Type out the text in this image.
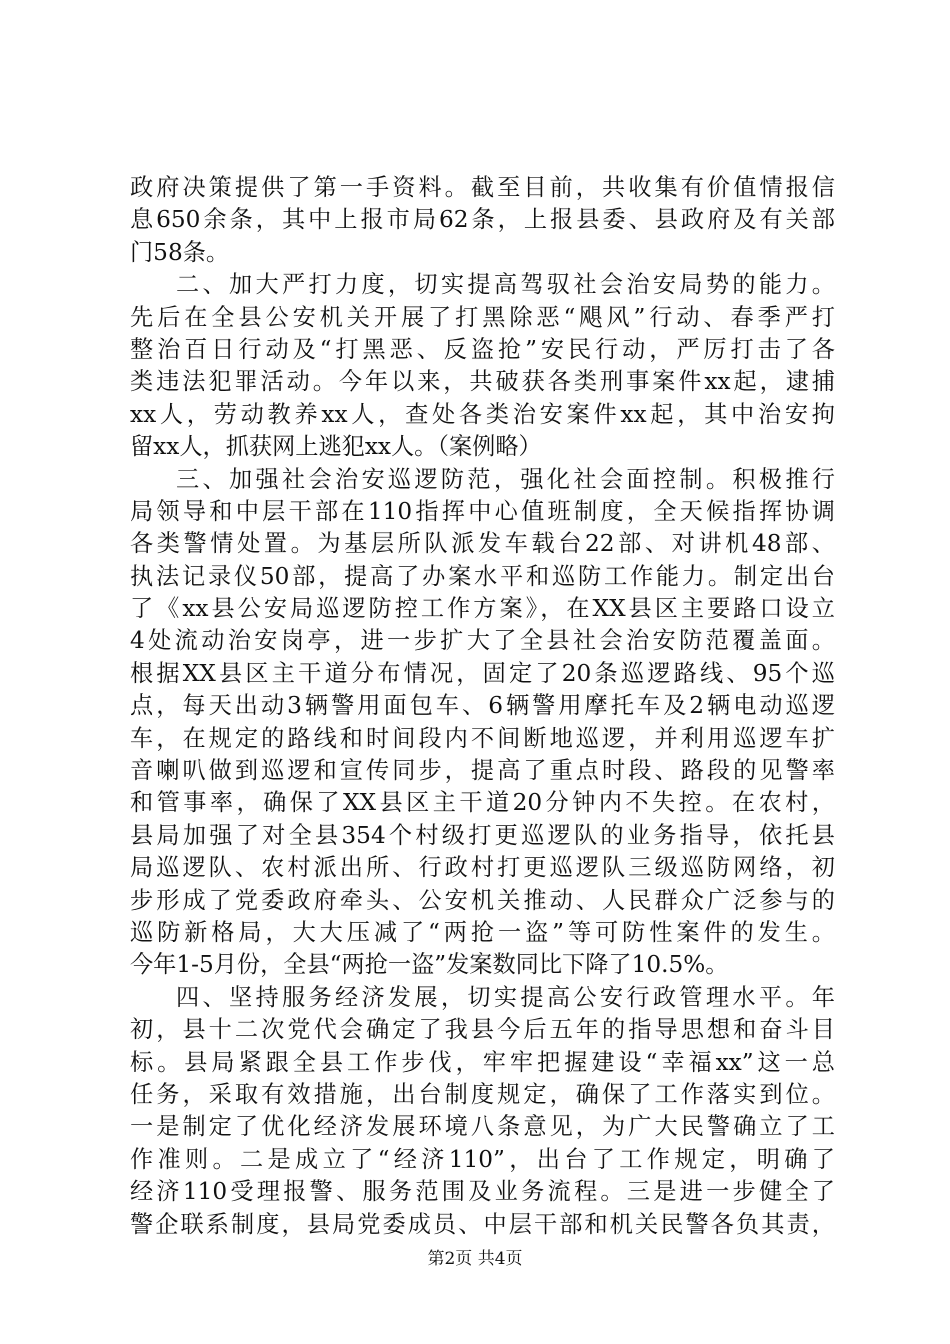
政府决策提供了第一手资料。截至目前，共收集有价值情报信
息650余条，其中上报市局62条，上报县委、县政府及有关部
门58条。
二、加大严打力度，切实提高驾驭社会治安局势的能力。
先后在全县公安机关开展了打黑除恶“飓风”行动、春季严打
整治百日行动及“打黑恶、反盗抢”安民行动，严厉打击了各
类违法犯罪活动。今年以来，共破获各类刑事案件xx起，逮捕
xx人，劳动教养xx人，查处各类治安案件xx起，其中治安拘
留xx人，抓获网上逃犯xx人。（案例略）
三、加强社会治安巡逻防范，强化社会面控制。积极推行
局领导和中层干部在110指挥中心值班制度，全天候指挥协调
各类警情处置。为基层所队派发车载台22部、对讲机48部、
执法记录仪50部，提高了办案水平和巡防工作能力。制定出台
了《xx县公安局巡逻防控工作方案》，在XX县区主要路口设立
4处流动治安岗亭，进一步扩大了全县社会治安防范覆盖面。
根据XX县区主干道分布情况，固定了20条巡逻路线、95个巡
点，每天出动3辆警用面包车、6辆警用摩托车及2辆电动巡逻
车，在规定的路线和时间段内不间断地巡逻，并利用巡逻车扩
音喇叭做到巡逻和宣传同步，提高了重点时段、路段的见警率
和管事率，确保了XX县区主干道20分钟内不失控。在农村，
县局加强了对全县354个村级打更巡逻队的业务指导，依托县
局巡逻队、农村派出所、行政村打更巡逻队三级巡防网络，初
步形成了党委政府牵头、公安机关推动、人民群众广泛参与的
巡防新格局，大大压减了“两抢一盗”等可防性案件的发生。
今年1-5月份，全县“两抢一盗”发案数同比下降了10.5%。
四、坚持服务经济发展，切实提高公安行政管理水平。年
初，县十二次党代会确定了我县今后五年的指导思想和奋斗目
标。县局紧跟全县工作步伐，牢牢把握建设“幸福xx”这一总
任务，采取有效措施，出台制度规定，确保了工作落实到位。
一是制定了优化经济发展环境八条意见，为广大民警确立了工
作准则。二是成立了“经济110”，出台了工作规定，明确了
经济110受理报警、服务范围及业务流程。三是进一步健全了
警企联系制度，县局党委成员、中层干部和机关民警各负其责，
第2页 共4页
